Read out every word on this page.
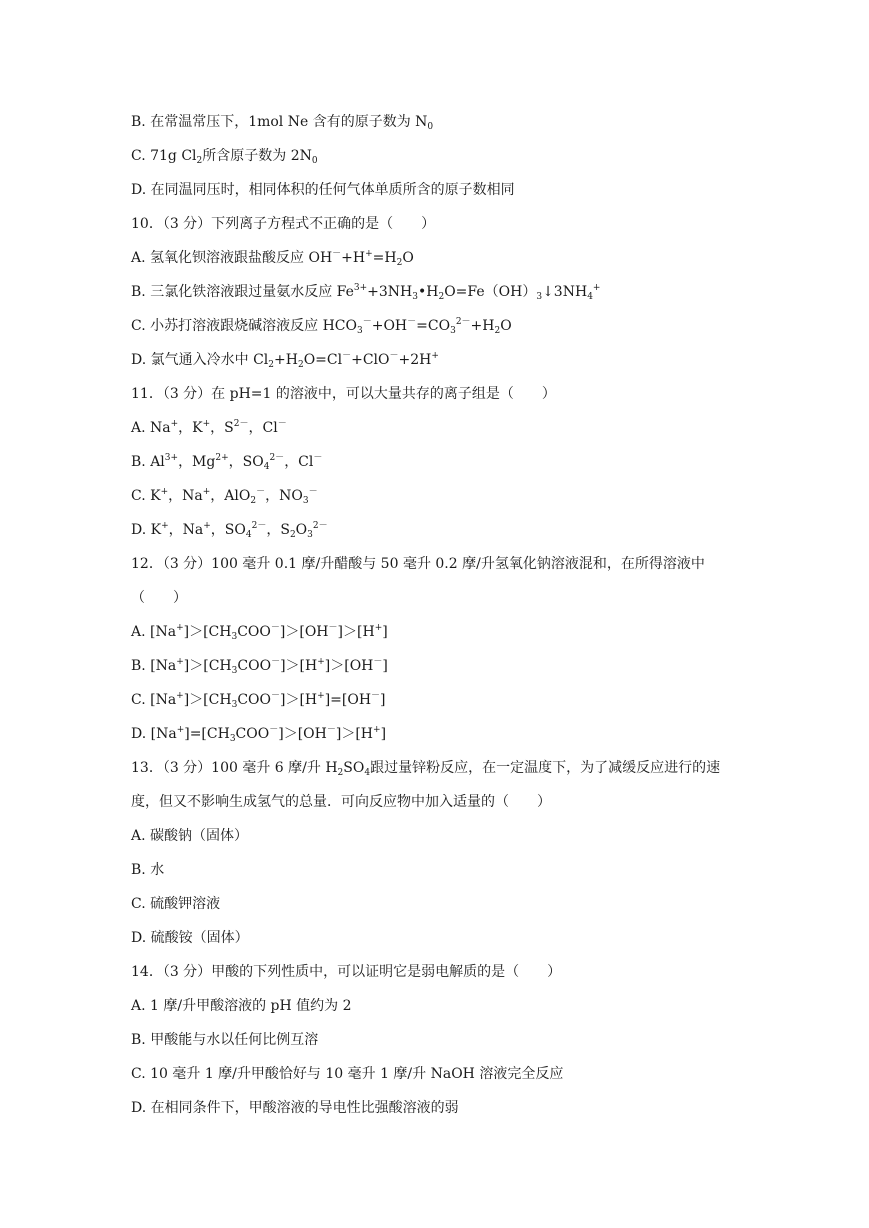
B. 在常温常压下，1mol Ne 含有的原子数为 $N_0$
C. 71g $Cl_2$所含原子数为 $2N_0$
D. 在同温同压时，相同体积的任何气体单质所含的原子数相同
10．（3 分）下列离子方程式不正确的是（　　）
A. 氢氧化钡溶液跟盐酸反应 $OH^-+H^+=H_2O$
B. 三氯化铁溶液跟过量氨水反应 $Fe^{3+}+3NH_3•H_2O=Fe(OH)_3↓3NH_4^+$
C. 小苏打溶液跟烧碱溶液反应 $HCO_3^-+OH^-=CO_3^{2-}+H_2O$
D. 氯气通入冷水中 $Cl_2+H_2O=Cl^-+ClO^-+2H^+$
11．（3 分）在 pH=1 的溶液中，可以大量共存的离子组是（　　）
A. Na+，K+，$S^{2-}$，Cl－
B. $Al^{3+}$，$Mg^{2+}$，$SO_4^{2-}$，Cl－
C. K+，Na+，AlO$_2$－，$NO_3^-$
D. K+，Na+，$SO_4^{2-}$，$S_2O_3^{2-}$
12．（3 分）100 毫升 0.1 摩/升醋酸与 50 毫升 0.2 摩/升氢氧化钠溶液混和，在所得溶液中
（　　）
A. $[Na^+]>[CH_3COO^-]>[OH^-]>[H^+]$
B. $[Na^+]>[CH_3COO^-]>[H^+]>[OH^-]$
C. $[Na^+]>[CH_3COO^-]>[H^+]=[OH^-]$
D. $[Na^+]=[CH_3COO^-]>[OH^-]>[H^+]$
13．（3 分）100 毫升 6 摩/升 $H_2SO_4$跟过量锌粉反应，在一定温度下，为了减缓反应进行的速
度，但又不影响生成氢气的总量．可向反应物中加入适量的（　　）
A. 碳酸钠（固体）
B. 水
C. 硫酸钾溶液
D. 硫酸铵（固体）
14．（3 分）甲酸的下列性质中，可以证明它是弱电解质的是（　　）
A. 1 摩/升甲酸溶液的 pH 值约为 2
B. 甲酸能与水以任何比例互溶
C. 10 毫升 1 摩/升甲酸恰好与 10 毫升 1 摩/升 NaOH 溶液完全反应
D. 在相同条件下，甲酸溶液的导电性比强酸溶液的弱
